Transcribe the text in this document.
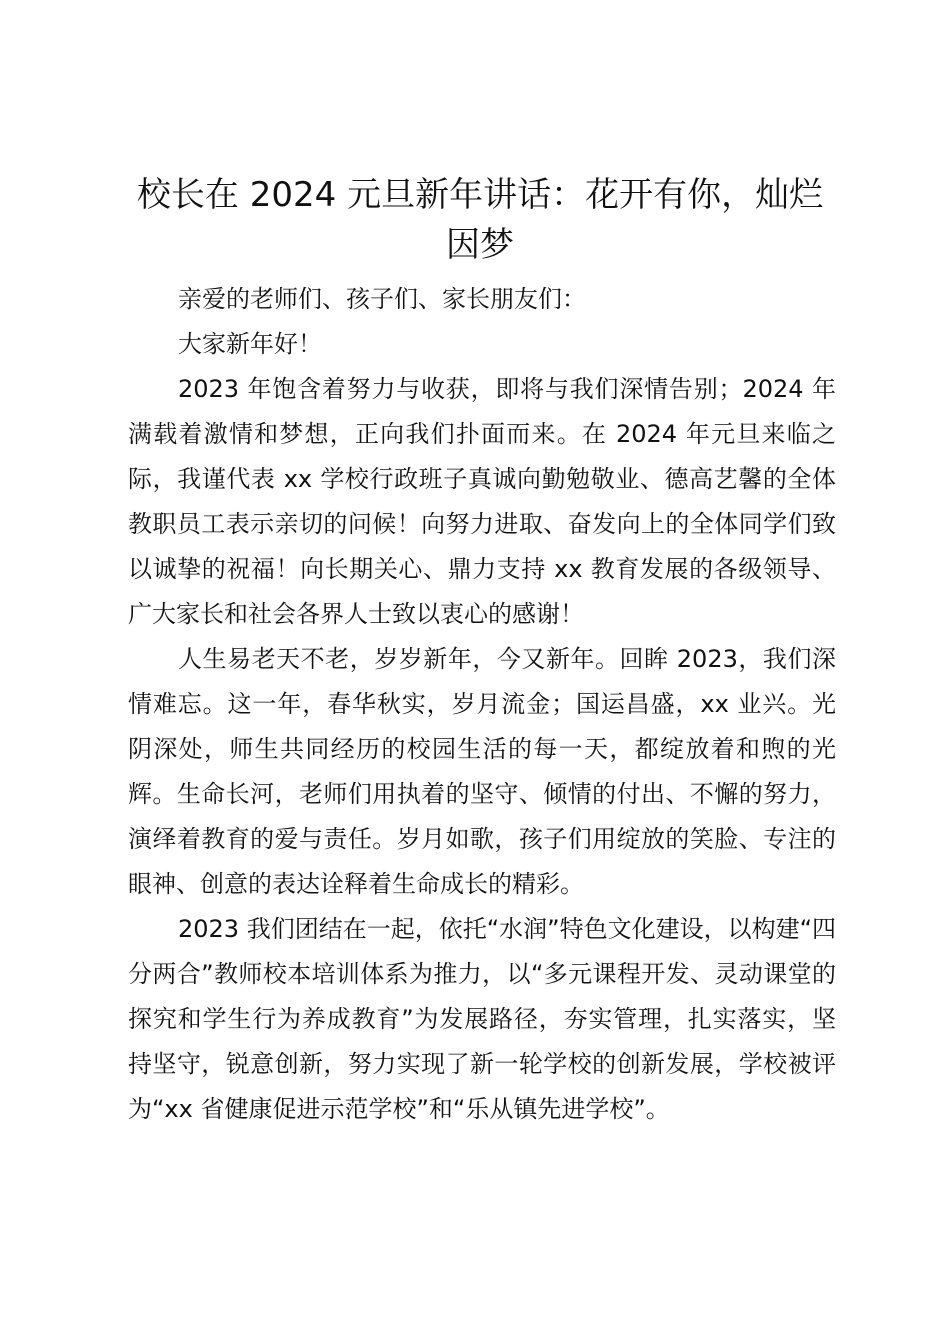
校长在 2024 元旦新年讲话：花开有你，灿烂因梦

亲爱的老师们、孩子们、家长朋友们：

大家新年好！

2023 年饱含着努力与收获，即将与我们深情告别；2024 年满载着激情和梦想，正向我们扑面而来。在 2024 年元旦来临之际，我谨代表 xx 学校行政班子真诚向勤勉敬业、德高艺馨的全体教职员工表示亲切的问候！向努力进取、奋发向上的全体同学们致以诚挚的祝福！向长期关心、鼎力支持 xx 教育发展的各级领导、广大家长和社会各界人士致以衷心的感谢！

人生易老天不老，岁岁新年，今又新年。回眸 2023，我们深情难忘。这一年，春华秋实，岁月流金；国运昌盛，xx 业兴。光阴深处，师生共同经历的校园生活的每一天，都绽放着和煦的光辉。生命长河，老师们用执着的坚守、倾情的付出、不懈的努力，演绎着教育的爱与责任。岁月如歌，孩子们用绽放的笑脸、专注的眼神、创意的表达诠释着生命成长的精彩。

2023 我们团结在一起，依托“水润”特色文化建设，以构建“四分两合”教师校本培训体系为推力，以“多元课程开发、灵动课堂的探究和学生行为养成教育”为发展路径，夯实管理，扎实落实，坚持坚守，锐意创新，努力实现了新一轮学校的创新发展，学校被评为“xx 省健康促进示范学校”和“乐从镇先进学校”。
